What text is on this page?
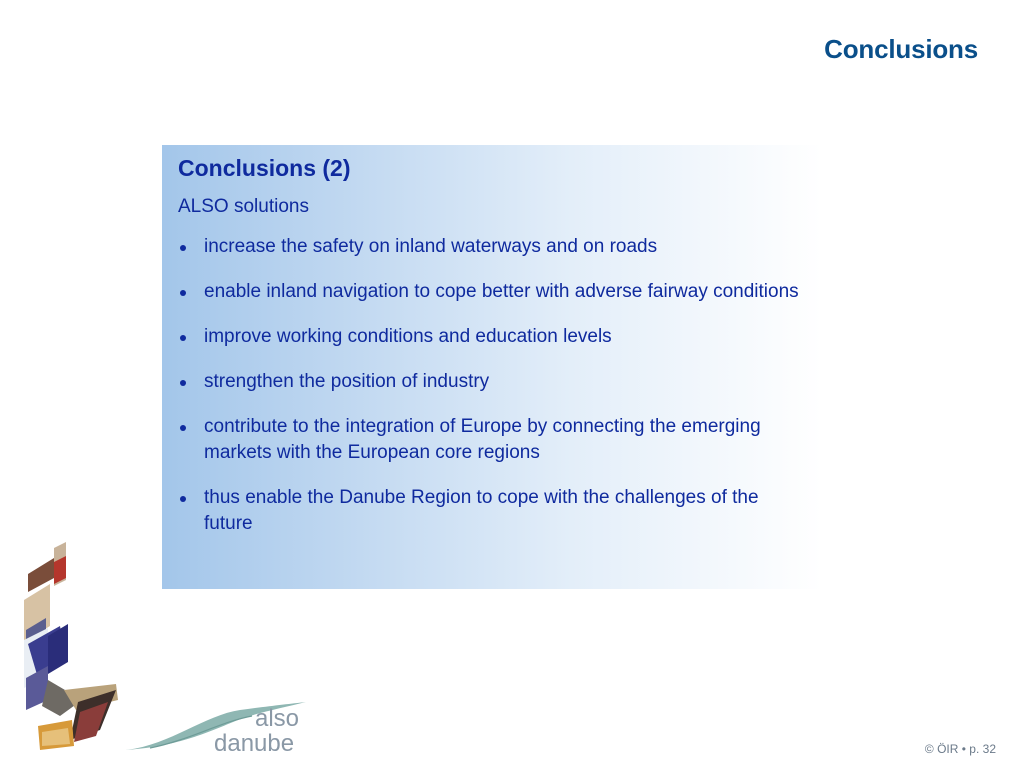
Conclusions
Conclusions (2)
ALSO solutions
increase the safety on inland waterways and on roads
enable inland navigation to cope better with adverse fairway conditions
improve working conditions and education levels
strengthen the position of industry
contribute to the integration of Europe by connecting the emerging markets with the European core regions
thus enable the Danube Region to cope with the challenges of the future
also
danube	© ÖIR • p. 32
